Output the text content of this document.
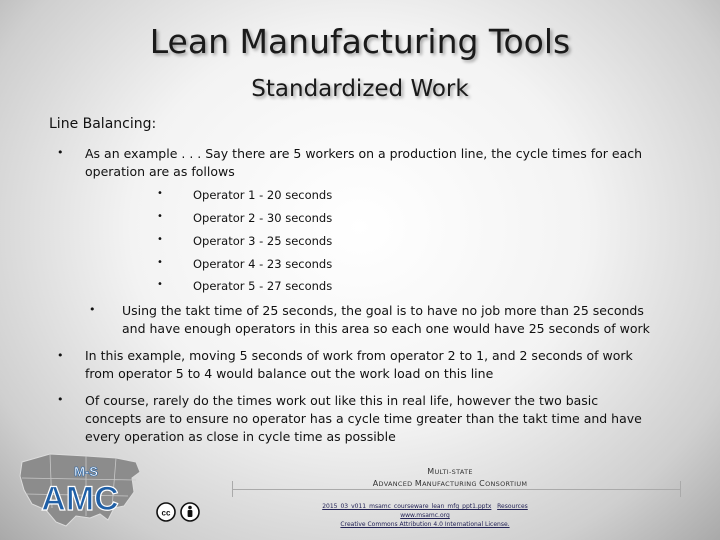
Lean Manufacturing Tools
Standardized Work
Line Balancing:
• As an example . . . Say there are 5 workers on a production line, the cycle times for each
operation are as follows
•	Operator 1 - 20 seconds
•	Operator 2 - 30 seconds
•	Operator 3 - 25 seconds
•	Operator 4 - 23 seconds
•	Operator 5 - 27 seconds
• Using the takt time of 25 seconds, the goal is to have no job more than 25 seconds
and have enough operators in this area so each one would have 25 seconds of work
• In this example, moving 5 seconds of work from operator 2 to 1, and 2 seconds of work
from operator 5 to 4 would balance out the work load on this line
• Of course, rarely do the times work out like this in real life, however the two basic
concepts are to ensure no operator has a cycle time greater than the takt time and have
every operation as close in cycle time as possible
M-S
AMC	cc
MULTI-STATE
ADVANCED MANUFACTURING CONSORTIUM
2015_03_v011_msamc_courseware_lean_mfg_ppt1.pptx Resources
www.msamc.org
Creative Commons Attribution 4.0 International License.
